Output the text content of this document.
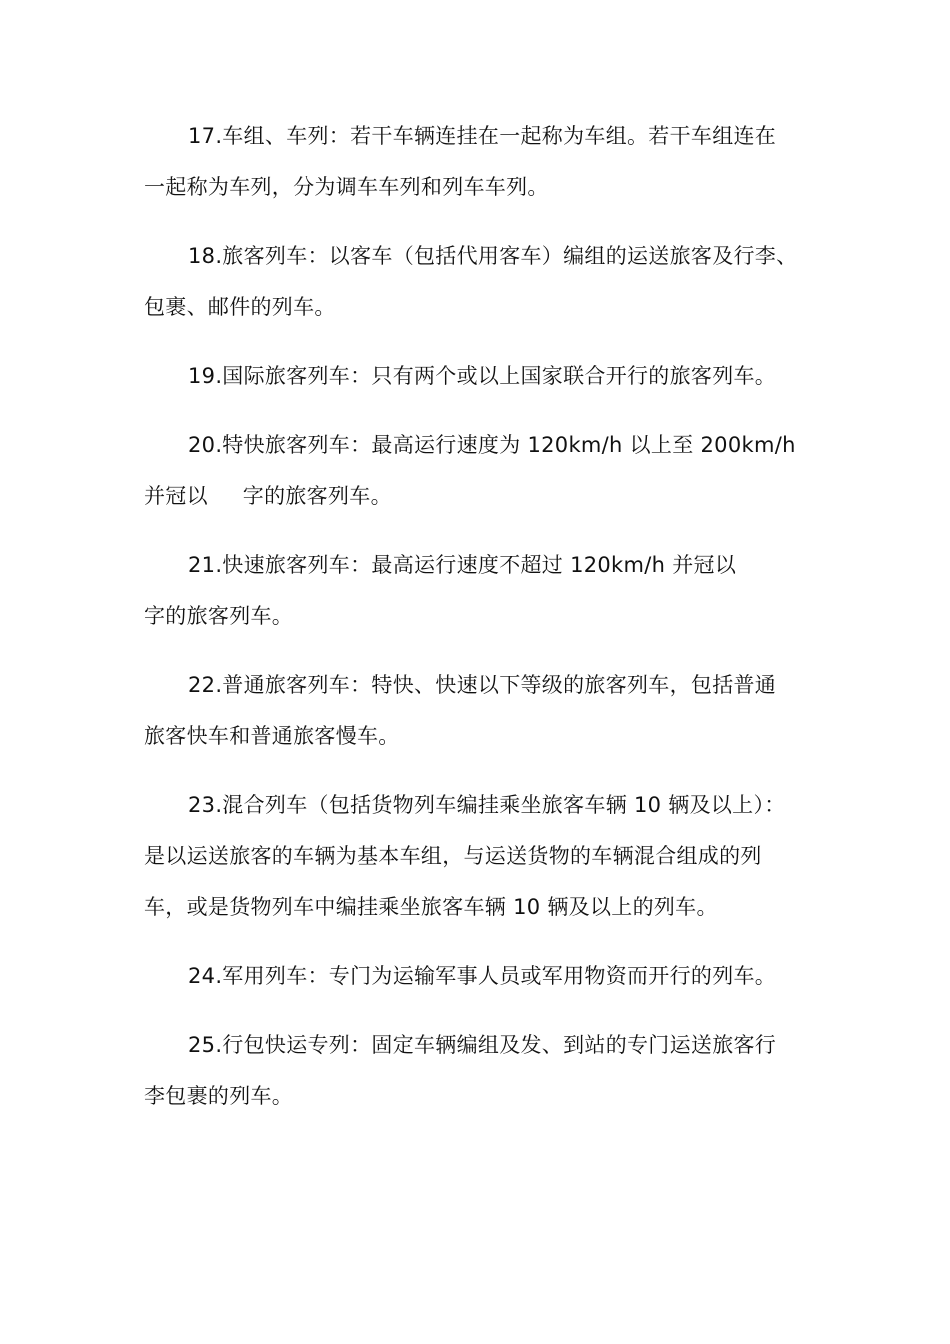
17.车组、车列：若干车辆连挂在一起称为车组。若干车组连在
一起称为车列，分为调车车列和列车车列。

18.旅客列车：以客车（包括代用客车）编组的运送旅客及行李、
包裹、邮件的列车。

19.国际旅客列车：只有两个或以上国家联合开行的旅客列车。

20.特快旅客列车：最高运行速度为 120km/h 以上至 200km/h
并冠以     字的旅客列车。

21.快速旅客列车：最高运行速度不超过 120km/h 并冠以
字的旅客列车。

22.普通旅客列车：特快、快速以下等级的旅客列车，包括普通
旅客快车和普通旅客慢车。

23.混合列车（包括货物列车编挂乘坐旅客车辆 10 辆及以上）：
是以运送旅客的车辆为基本车组，与运送货物的车辆混合组成的列
车，或是货物列车中编挂乘坐旅客车辆 10 辆及以上的列车。

24.军用列车：专门为运输军事人员或军用物资而开行的列车。

25.行包快运专列：固定车辆编组及发、到站的专门运送旅客行
李包裹的列车。
